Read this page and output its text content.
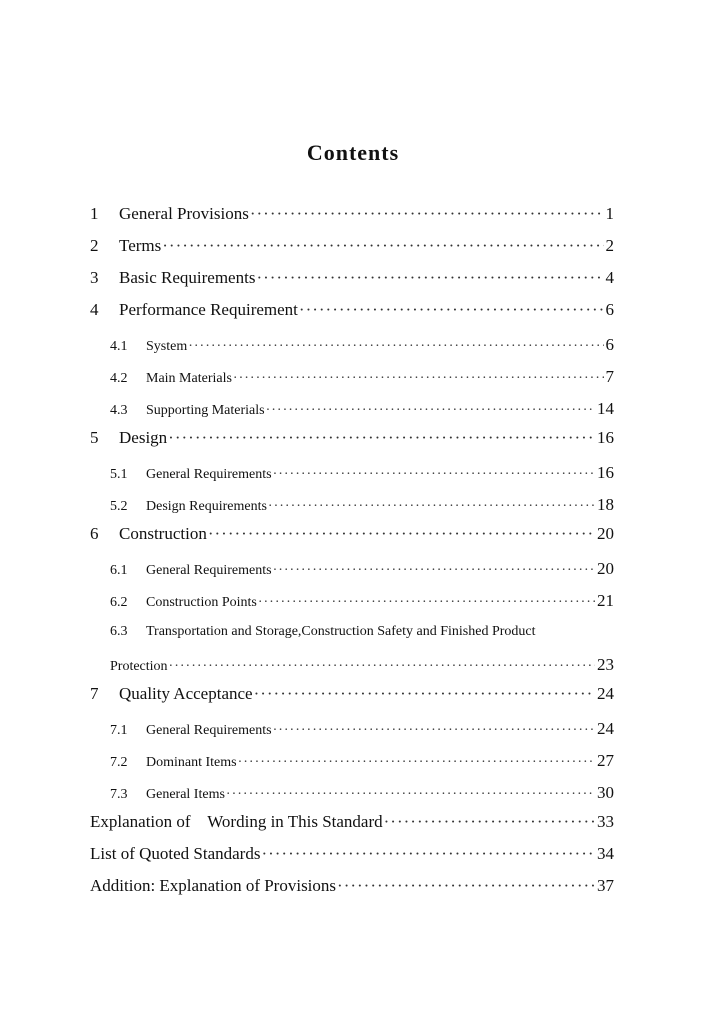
Contents
1	General Provisions ·····	1
2	Terms ·····	2
3	Basic Requirements ·····	4
4	Performance Requirement ·····	6
4.1	System ·····	6
4.2	Main Materials ·····	7
4.3	Supporting Materials ·····	14
5	Design ·····	16
5.1	General Requirements ·····	16
5.2	Design Requirements ·····	18
6	Construction ·····	20
6.1	General Requirements ·····	20
6.2	Construction Points ·····	21
6.3 Transportation and Storage,Construction Safety and Finished Product
Protection ·····	23
7	Quality Acceptance ·····	24
7.1	General Requirements ·····	24
7.2	Dominant Items ·····	27
7.3	General Items ·····	30
Explanation of    Wording in This Standard ·····	33
List of Quoted Standards ·····	34
Addition: Explanation of Provisions ·····	37
